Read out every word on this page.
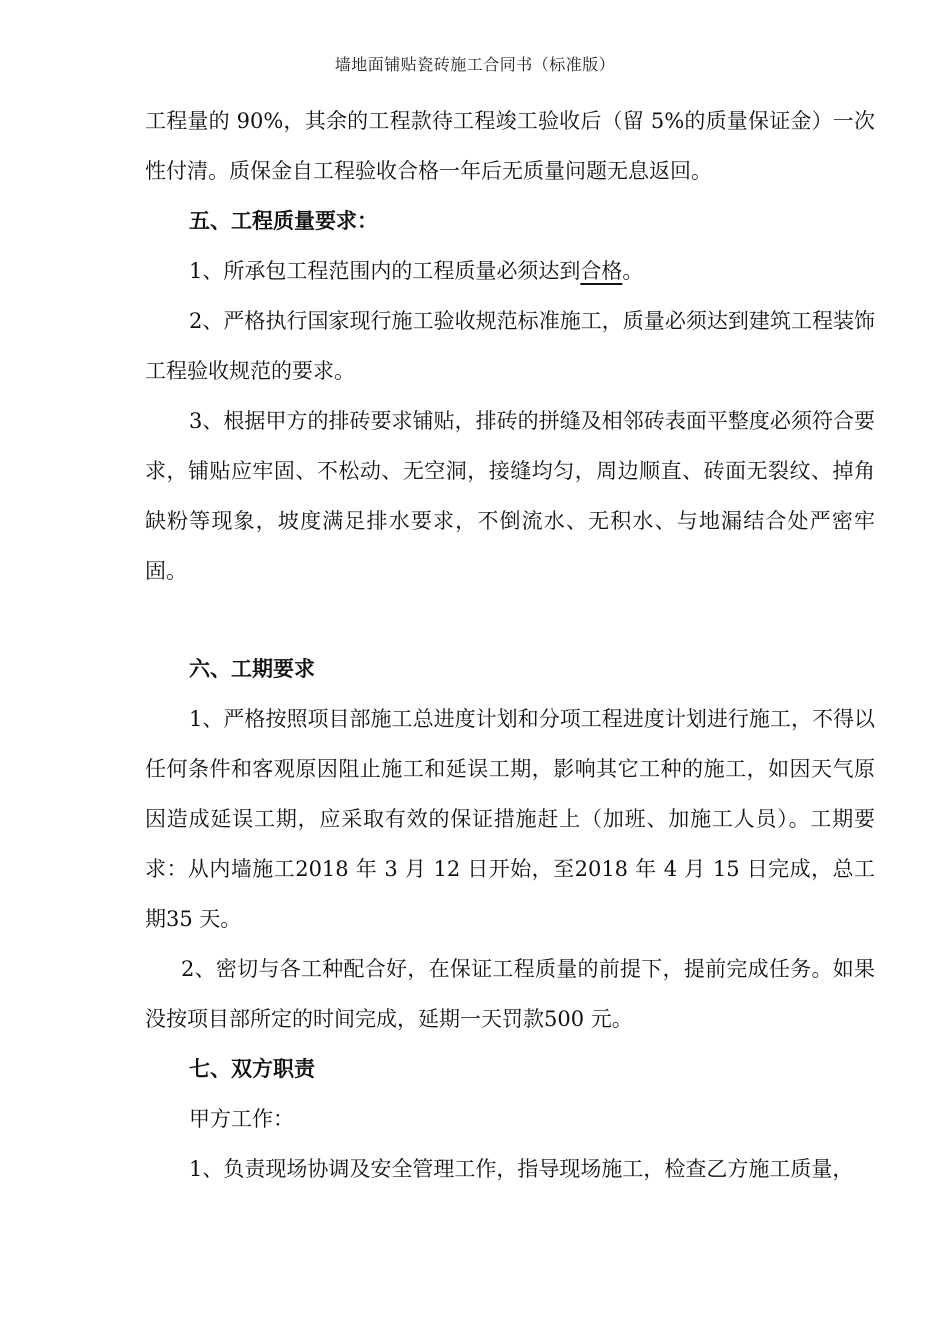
墙地面铺贴瓷砖施工合同书（标准版）

工程量的 90%，其余的工程款待工程竣工验收后（留 5%的质量保证金）一次性付清。质保金自工程验收合格一年后无质量问题无息返回。

五、工程质量要求：

1、所承包工程范围内的工程质量必须达到合格。

2、严格执行国家现行施工验收规范标准施工，质量必须达到建筑工程装饰工程验收规范的要求。

3、根据甲方的排砖要求铺贴，排砖的拼缝及相邻砖表面平整度必须符合要求，铺贴应牢固、不松动、无空洞，接缝均匀，周边顺直、砖面无裂纹、掉角缺粉等现象，坡度满足排水要求，不倒流水、无积水、与地漏结合处严密牢固。

六、工期要求

1、严格按照项目部施工总进度计划和分项工程进度计划进行施工，不得以任何条件和客观原因阻止施工和延误工期，影响其它工种的施工，如因天气原因造成延误工期，应采取有效的保证措施赶上（加班、加施工人员）。工期要求：从内墙施工2018 年 3 月 12 日开始，至2018 年 4 月 15 日完成，总工期35 天。

2、密切与各工种配合好，在保证工程质量的前提下，提前完成任务。如果没按项目部所定的时间完成，延期一天罚款500 元。

七、双方职责

甲方工作：

1、负责现场协调及安全管理工作，指导现场施工，检查乙方施工质量，
